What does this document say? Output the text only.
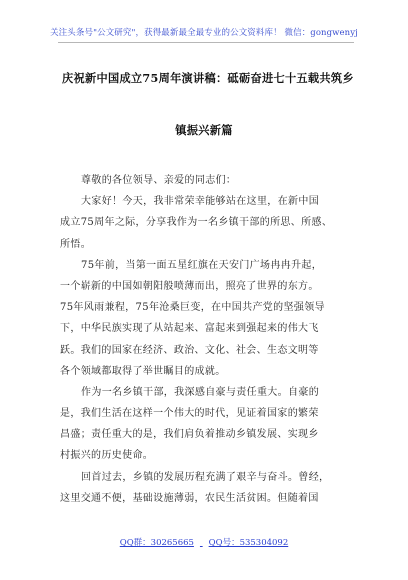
关注头条号"公文研究"，获得最新最全最专业的公文资料库！ 微信：gongwenyj
庆祝新中国成立75周年演讲稿：砥砺奋进七十五载共筑乡
镇振兴新篇
尊敬的各位领导、亲爱的同志们：
大家好！今天，我非常荣幸能够站在这里，在新中国
成立75周年之际，分享我作为一名乡镇干部的所思、所感、
所悟。
75年前，当第一面五星红旗在天安门广场冉冉升起，
一个崭新的中国如朝阳般喷薄而出，照亮了世界的东方。
75年风雨兼程，75年沧桑巨变，在中国共产党的坚强领导
下，中华民族实现了从站起来、富起来到强起来的伟大飞
跃。我们的国家在经济、政治、文化、社会、生态文明等
各个领域都取得了举世瞩目的成就。
作为一名乡镇干部，我深感自豪与责任重大。自豪的
是，我们生活在这样一个伟大的时代，见证着国家的繁荣
昌盛；责任重大的是，我们肩负着推动乡镇发展、实现乡
村振兴的历史使命。
回首过去，乡镇的发展历程充满了艰辛与奋斗。曾经，
这里交通不便，基础设施薄弱，农民生活贫困。但随着国
QQ群：30265665 QQ号：535304092
